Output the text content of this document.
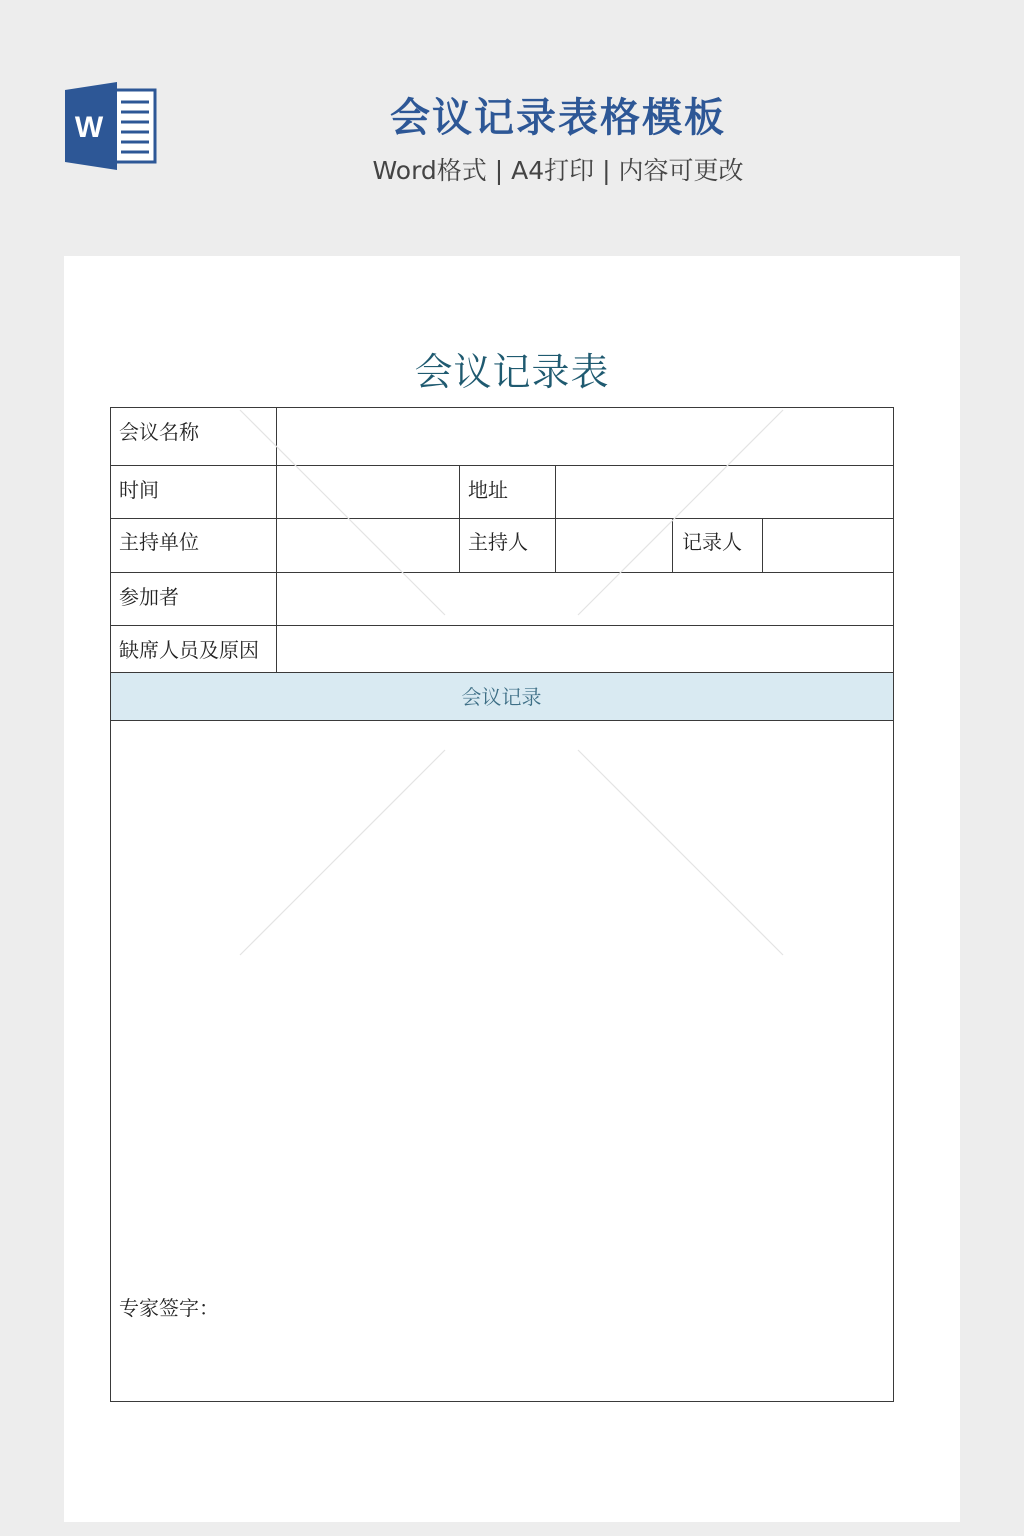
W	会议记录表格模板
Word格式 | A4打印 | 内容可更改
会议记录表
会议名称
时间	地址
主持单位	主持人	记录人
参加者
缺席人员及原因
会议记录
专家签字：
